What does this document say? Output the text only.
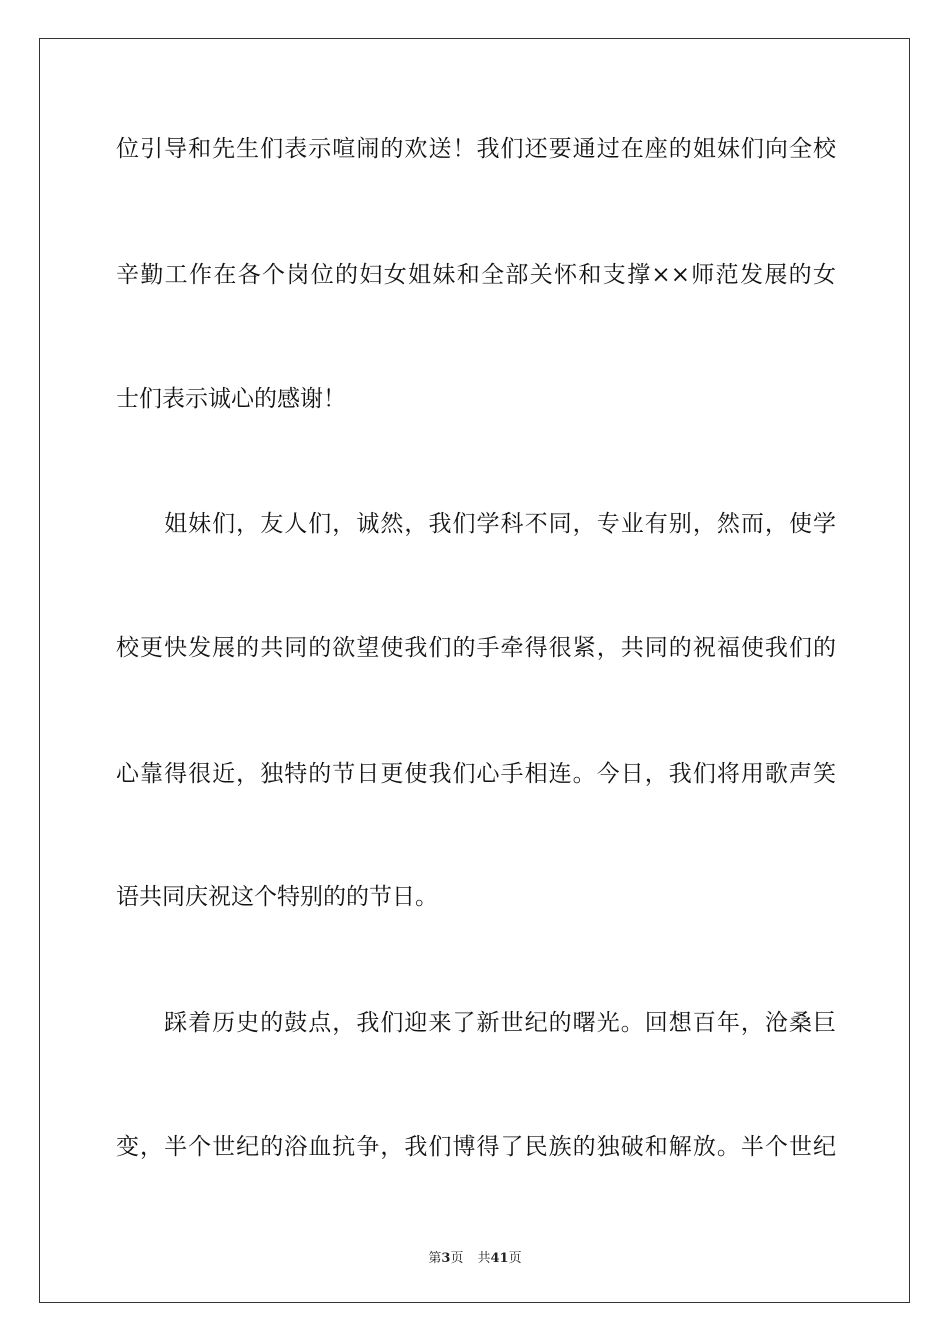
位引导和先生们表示喧闹的欢送！我们还要通过在座的姐妹们向全校
辛勤工作在各个岗位的妇女姐妹和全部关怀和支撑××师范发展的女
士们表示诚心的感谢！
　　姐妹们，友人们，诚然，我们学科不同，专业有别，然而，使学
校更快发展的共同的欲望使我们的手牵得很紧，共同的祝福使我们的
心靠得很近，独特的节日更使我们心手相连。今日，我们将用歌声笑
语共同庆祝这个特别的的节日。
　　踩着历史的鼓点，我们迎来了新世纪的曙光。回想百年，沧桑巨
变，半个世纪的浴血抗争，我们博得了民族的独破和解放。半个世纪
第3页 共41页
